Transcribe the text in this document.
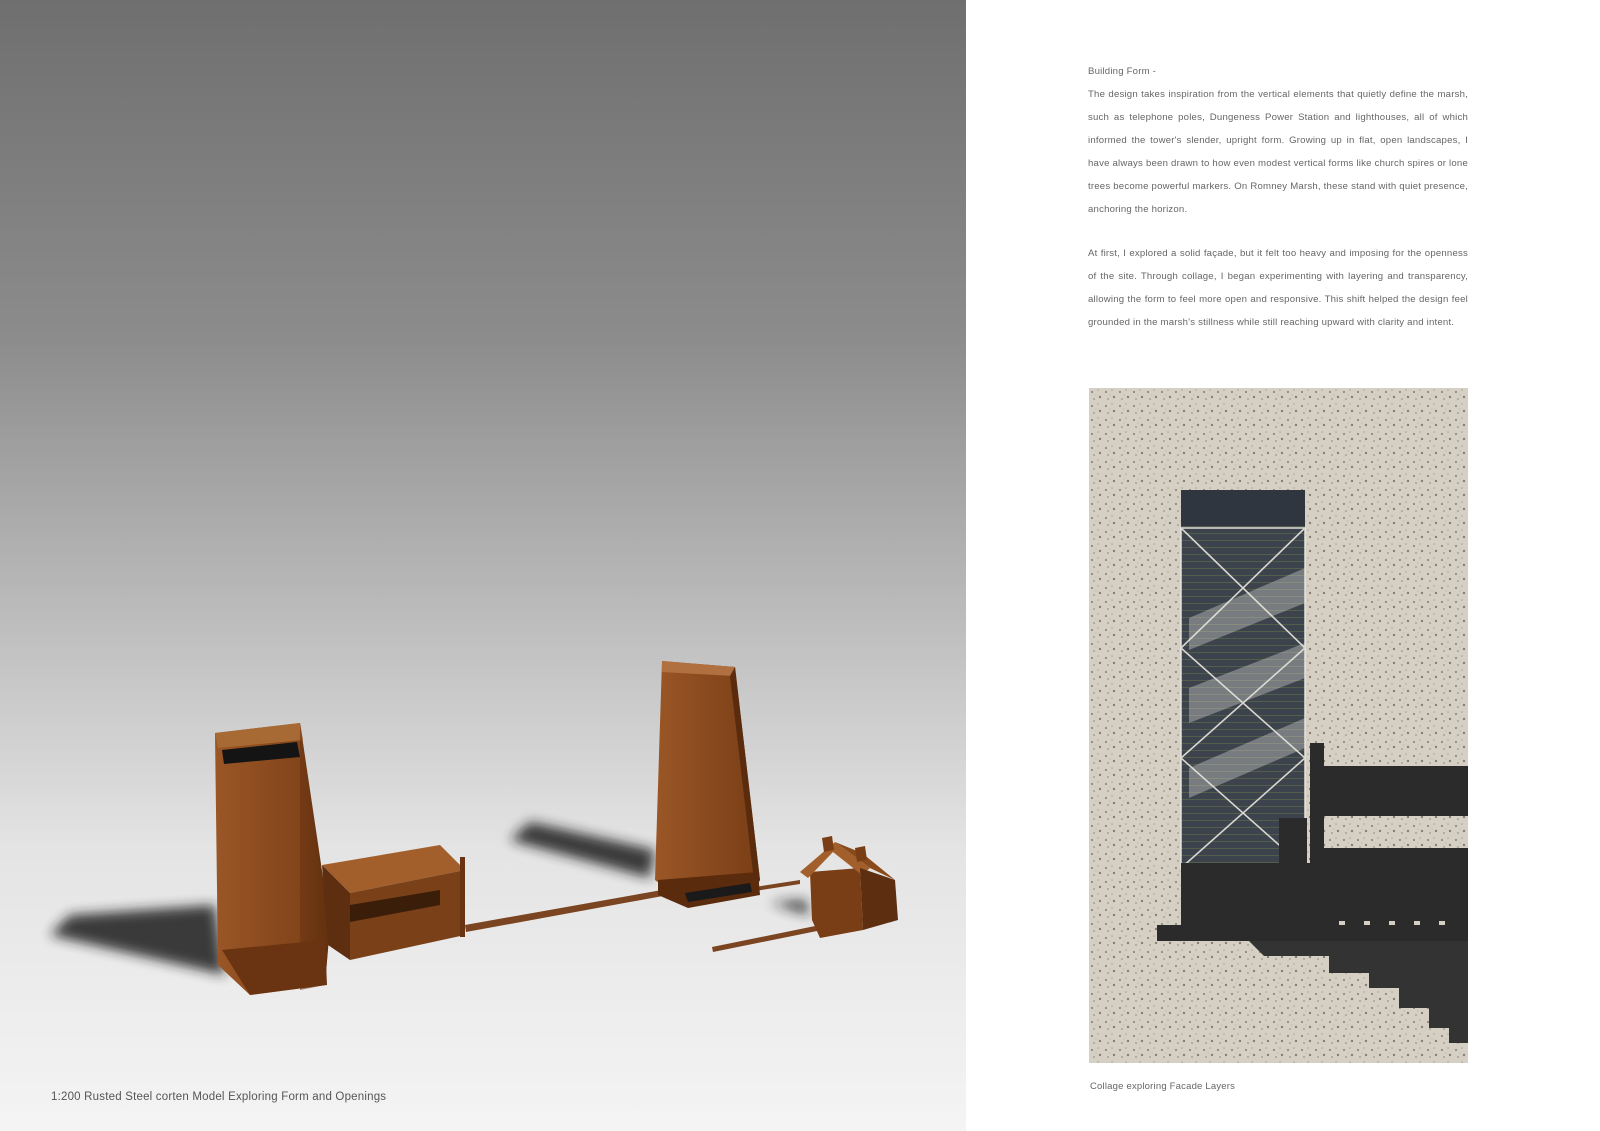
1:200 Rusted Steel corten Model Exploring Form and Openings
Building Form -

The design takes inspiration from the vertical elements that quietly define the marsh, such as telephone poles, Dungeness Power Station and lighthouses, all of which informed the tower's slender, upright form. Growing up in flat, open landscapes, I have always been drawn to how even modest vertical forms like church spires or lone trees become powerful markers. On Romney Marsh, these stand with quiet presence, anchoring the horizon.

At first, I explored a solid façade, but it felt too heavy and imposing for the openness of the site. Through collage, I began experimenting with layering and transparency, allowing the form to feel more open and responsive. This shift helped the design feel grounded in the marsh's stillness while still reaching upward with clarity and intent.

Collage exploring Facade Layers
